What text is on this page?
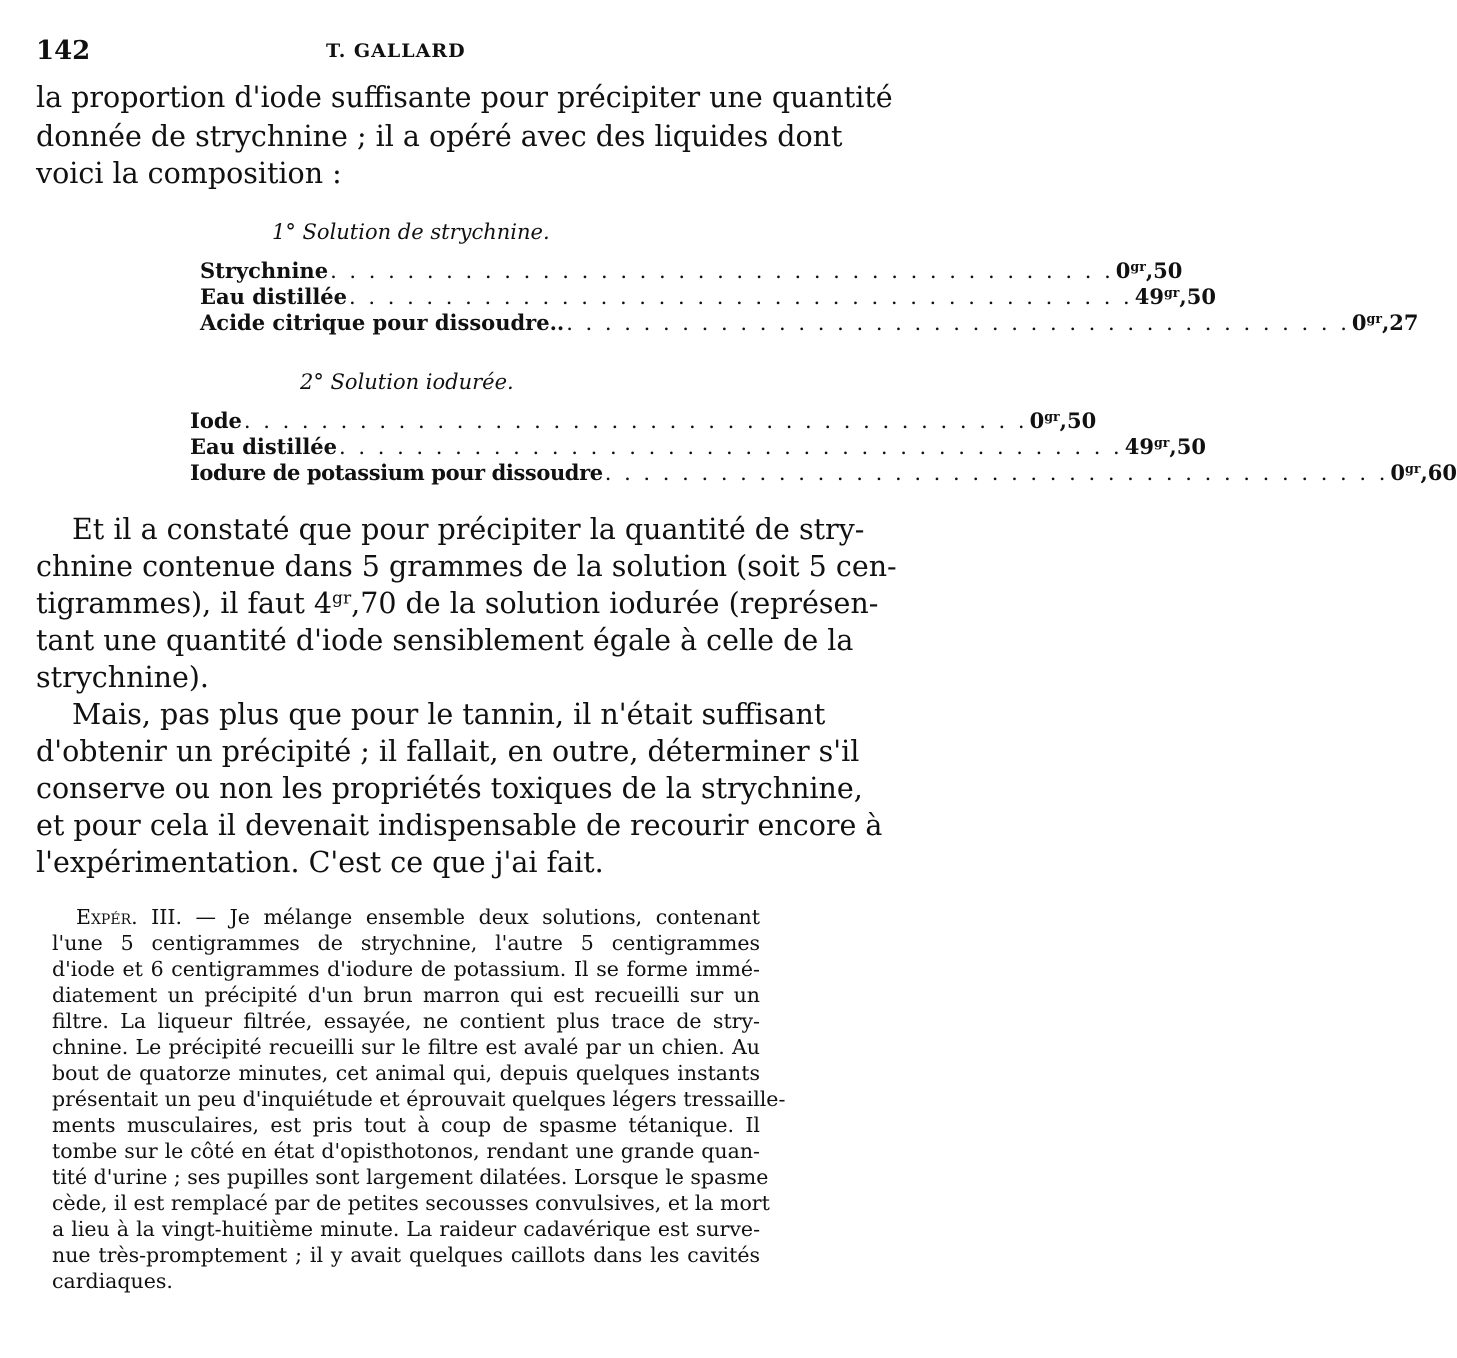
142	T. GALLARD
la proportion d'iode suffisante pour précipiter une quantité
donnée de strychnine ; il a opéré avec des liquides dont
voici la composition :
1° Solution de strychnine.
Strychnine . . .	$0^{gr},50$
Eau distillée . . .	$49^{gr},50$
Acide citrique pour dissoudre.. . . .	$0^{gr},27$
2° Solution iodurée.
Iode . . .	$0^{gr},50$
Eau distillée . . .	$49^{gr},50$
Iodure de potassium pour dissoudre . . .	$0^{gr},60$
Et il a constaté que pour précipiter la quantité de stry-
chnine contenue dans 5 grammes de la solution (soit 5 cen-
tigrammes), il faut $4^{gr},70$ de la solution iodurée (représen-
tant une quantité d'iode sensiblement égale à celle de la
strychnine).
Mais, pas plus que pour le tannin, il n'était suffisant
d'obtenir un précipité ; il fallait, en outre, déterminer s'il
conserve ou non les propriétés toxiques de la strychnine,
et pour cela il devenait indispensable de recourir encore à
l'expérimentation. C'est ce que j'ai fait.
Expér. III. — Je mélange ensemble deux solutions, contenant
l'une 5 centigrammes de strychnine, l'autre 5 centigrammes
d'iode et 6 centigrammes d'iodure de potassium. Il se forme immé-
diatement un précipité d'un brun marron qui est recueilli sur un
filtre. La liqueur filtrée, essayée, ne contient plus trace de stry-
chnine. Le précipité recueilli sur le filtre est avalé par un chien. Au
bout de quatorze minutes, cet animal qui, depuis quelques instants
présentait un peu d'inquiétude et éprouvait quelques légers tressaille-
ments musculaires, est pris tout à coup de spasme tétanique. Il
tombe sur le côté en état d'opisthotonos, rendant une grande quan-
tité d'urine ; ses pupilles sont largement dilatées. Lorsque le spasme
cède, il est remplacé par de petites secousses convulsives, et la mort
a lieu à la vingt-huitième minute. La raideur cadavérique est surve-
nue très-promptement ; il y avait quelques caillots dans les cavités
cardiaques.
